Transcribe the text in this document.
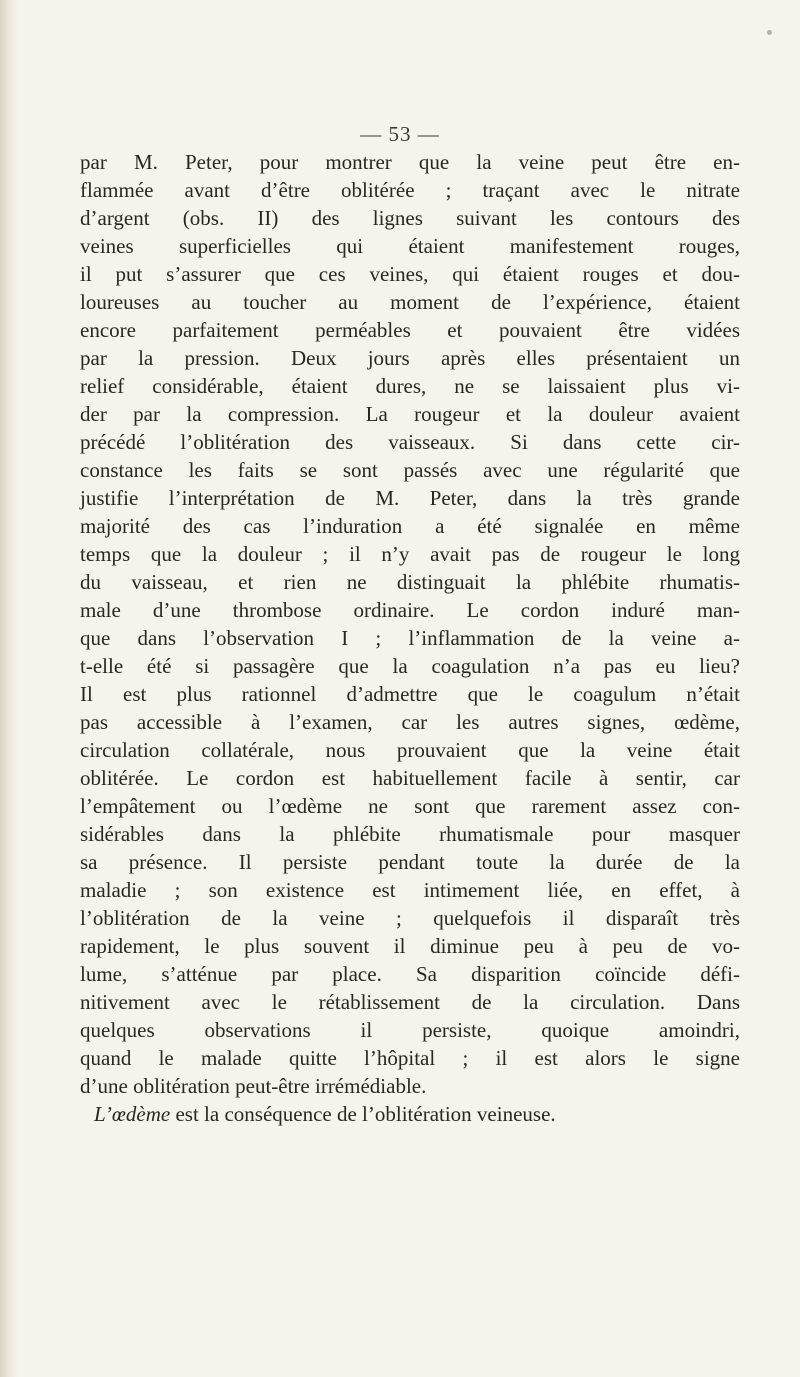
— 53 —
par M. Peter, pour montrer que la veine peut être en-
flammée avant d’être oblitérée ; traçant avec le nitrate
d’argent (obs. II) des lignes suivant les contours des
veines superficielles qui étaient manifestement rouges,
il put s’assurer que ces veines, qui étaient rouges et dou-
loureuses au toucher au moment de l’expérience, étaient
encore parfaitement perméables et pouvaient être vidées
par la pression. Deux jours après elles présentaient un
relief considérable, étaient dures, ne se laissaient plus vi-
der par la compression. La rougeur et la douleur avaient
précédé l’oblitération des vaisseaux. Si dans cette cir-
constance les faits se sont passés avec une régularité que
justifie l’interprétation de M. Peter, dans la très grande
majorité des cas l’induration a été signalée en même
temps que la douleur ; il n’y avait pas de rougeur le long
du vaisseau, et rien ne distinguait la phlébite rhumatis-
male d’une thrombose ordinaire. Le cordon induré man-
que dans l’observation I ; l’inflammation de la veine a-
t-elle été si passagère que la coagulation n’a pas eu lieu?
Il est plus rationnel d’admettre que le coagulum n’était
pas accessible à l’examen, car les autres signes, œdème,
circulation collatérale, nous prouvaient que la veine était
oblitérée. Le cordon est habituellement facile à sentir, car
l’empâtement ou l’œdème ne sont que rarement assez con-
sidérables dans la phlébite rhumatismale pour masquer
sa présence. Il persiste pendant toute la durée de la
maladie ; son existence est intimement liée, en effet, à
l’oblitération de la veine ; quelquefois il disparaît très
rapidement, le plus souvent il diminue peu à peu de vo-
lume, s’atténue par place. Sa disparition coïncide défi-
nitivement avec le rétablissement de la circulation. Dans
quelques observations il persiste, quoique amoindri,
quand le malade quitte l’hôpital ; il est alors le signe
d’une oblitération peut-être irrémédiable.
L’œdème est la conséquence de l’oblitération veineuse.
